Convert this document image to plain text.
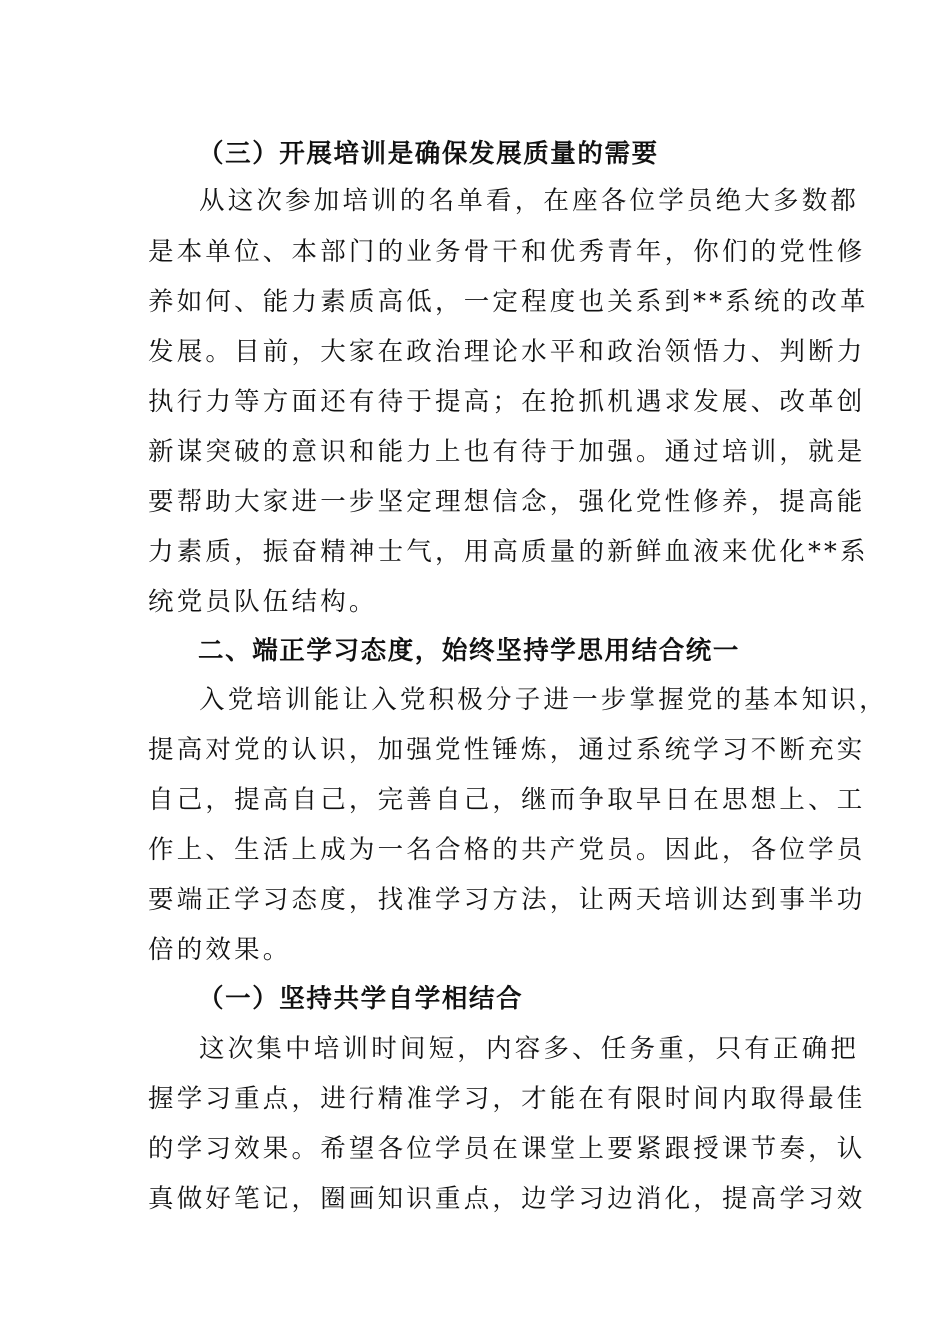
（三）开展培训是确保发展质量的需要
从这次参加培训的名单看，在座各位学员绝大多数都
是本单位、本部门的业务骨干和优秀青年，你们的党性修
养如何、能力素质高低，一定程度也关系到**系统的改革
发展。目前，大家在政治理论水平和政治领悟力、判断力
执行力等方面还有待于提高；在抢抓机遇求发展、改革创
新谋突破的意识和能力上也有待于加强。通过培训，就是
要帮助大家进一步坚定理想信念，强化党性修养，提高能
力素质，振奋精神士气，用高质量的新鲜血液来优化**系
统党员队伍结构。
二、端正学习态度，始终坚持学思用结合统一
入党培训能让入党积极分子进一步掌握党的基本知识，
提高对党的认识，加强党性锤炼，通过系统学习不断充实
自己，提高自己，完善自己，继而争取早日在思想上、工
作上、生活上成为一名合格的共产党员。因此，各位学员
要端正学习态度，找准学习方法，让两天培训达到事半功
倍的效果。
（一）坚持共学自学相结合
这次集中培训时间短，内容多、任务重，只有正确把
握学习重点，进行精准学习，才能在有限时间内取得最佳
的学习效果。希望各位学员在课堂上要紧跟授课节奏，认
真做好笔记，圈画知识重点，边学习边消化，提高学习效
